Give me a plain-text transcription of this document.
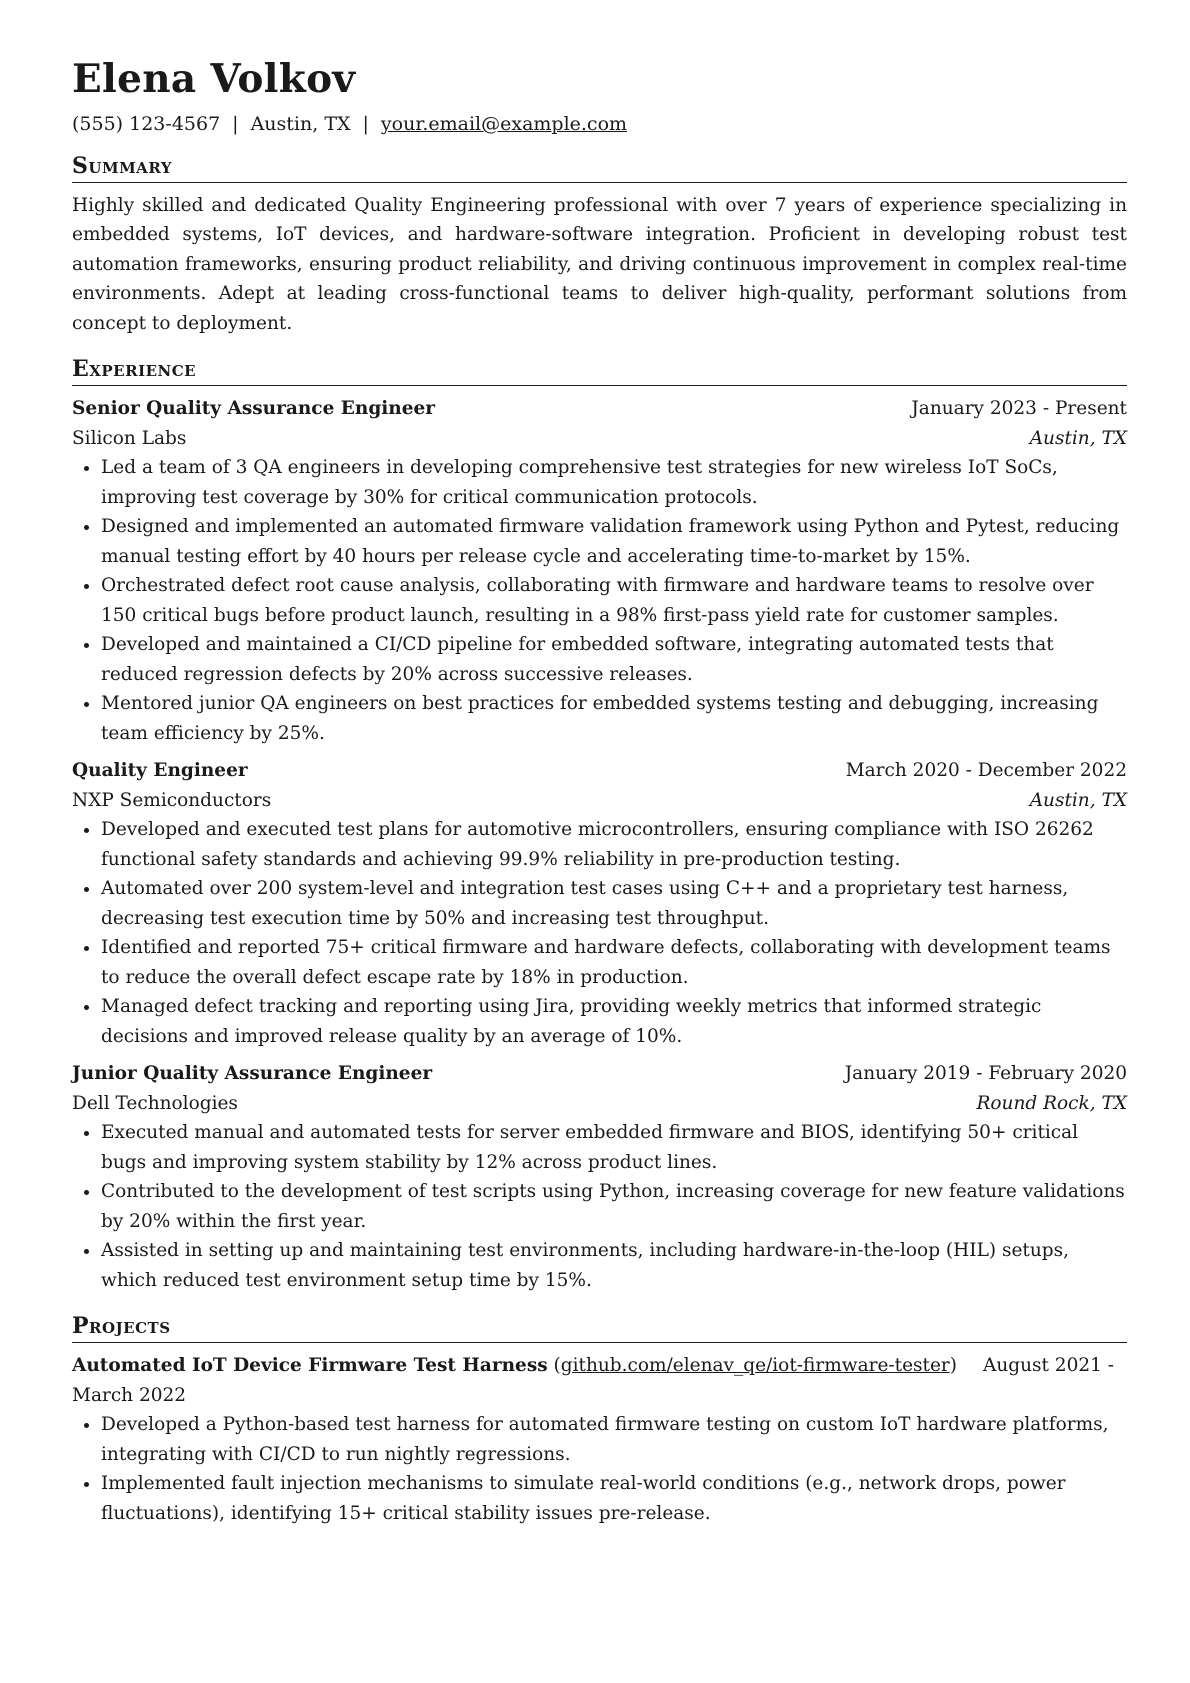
Elena Volkov
(555) 123-4567 | Austin, TX | your.email@example.com
Summary
Highly skilled and dedicated Quality Engineering professional with over 7 years of experience specializing in embedded systems, IoT devices, and hardware-software integration. Proficient in developing robust test automation frameworks, ensuring product reliability, and driving continuous improvement in complex real-time environments. Adept at leading cross-functional teams to deliver high-quality, performant solutions from concept to deployment.
Experience
Senior Quality Assurance Engineer	January 2023 - Present
Silicon Labs	Austin, TX
• Led a team of 3 QA engineers in developing comprehensive test strategies for new wireless IoT SoCs, improving test coverage by 30% for critical communication protocols.
• Designed and implemented an automated firmware validation framework using Python and Pytest, reducing manual testing effort by 40 hours per release cycle and accelerating time-to-market by 15%.
• Orchestrated defect root cause analysis, collaborating with firmware and hardware teams to resolve over 150 critical bugs before product launch, resulting in a 98% first-pass yield rate for customer samples.
• Developed and maintained a CI/CD pipeline for embedded software, integrating automated tests that reduced regression defects by 20% across successive releases.
• Mentored junior QA engineers on best practices for embedded systems testing and debugging, increasing team efficiency by 25%.
Quality Engineer	March 2020 - December 2022
NXP Semiconductors	Austin, TX
• Developed and executed test plans for automotive microcontrollers, ensuring compliance with ISO 26262 functional safety standards and achieving 99.9% reliability in pre-production testing.
• Automated over 200 system-level and integration test cases using C++ and a proprietary test harness, decreasing test execution time by 50% and increasing test throughput.
• Identified and reported 75+ critical firmware and hardware defects, collaborating with development teams to reduce the overall defect escape rate by 18% in production.
• Managed defect tracking and reporting using Jira, providing weekly metrics that informed strategic decisions and improved release quality by an average of 10%.
Junior Quality Assurance Engineer	January 2019 - February 2020
Dell Technologies	Round Rock, TX
• Executed manual and automated tests for server embedded firmware and BIOS, identifying 50+ critical bugs and improving system stability by 12% across product lines.
• Contributed to the development of test scripts using Python, increasing coverage for new feature validations by 20% within the first year.
• Assisted in setting up and maintaining test environments, including hardware-in-the-loop (HIL) setups, which reduced test environment setup time by 15%.
Projects
Automated IoT Device Firmware Test Harness (github.com/elenav_qe/iot-firmware-tester) August 2021 - March 2022
• Developed a Python-based test harness for automated firmware testing on custom IoT hardware platforms, integrating with CI/CD to run nightly regressions.
• Implemented fault injection mechanisms to simulate real-world conditions (e.g., network drops, power fluctuations), identifying 15+ critical stability issues pre-release.
